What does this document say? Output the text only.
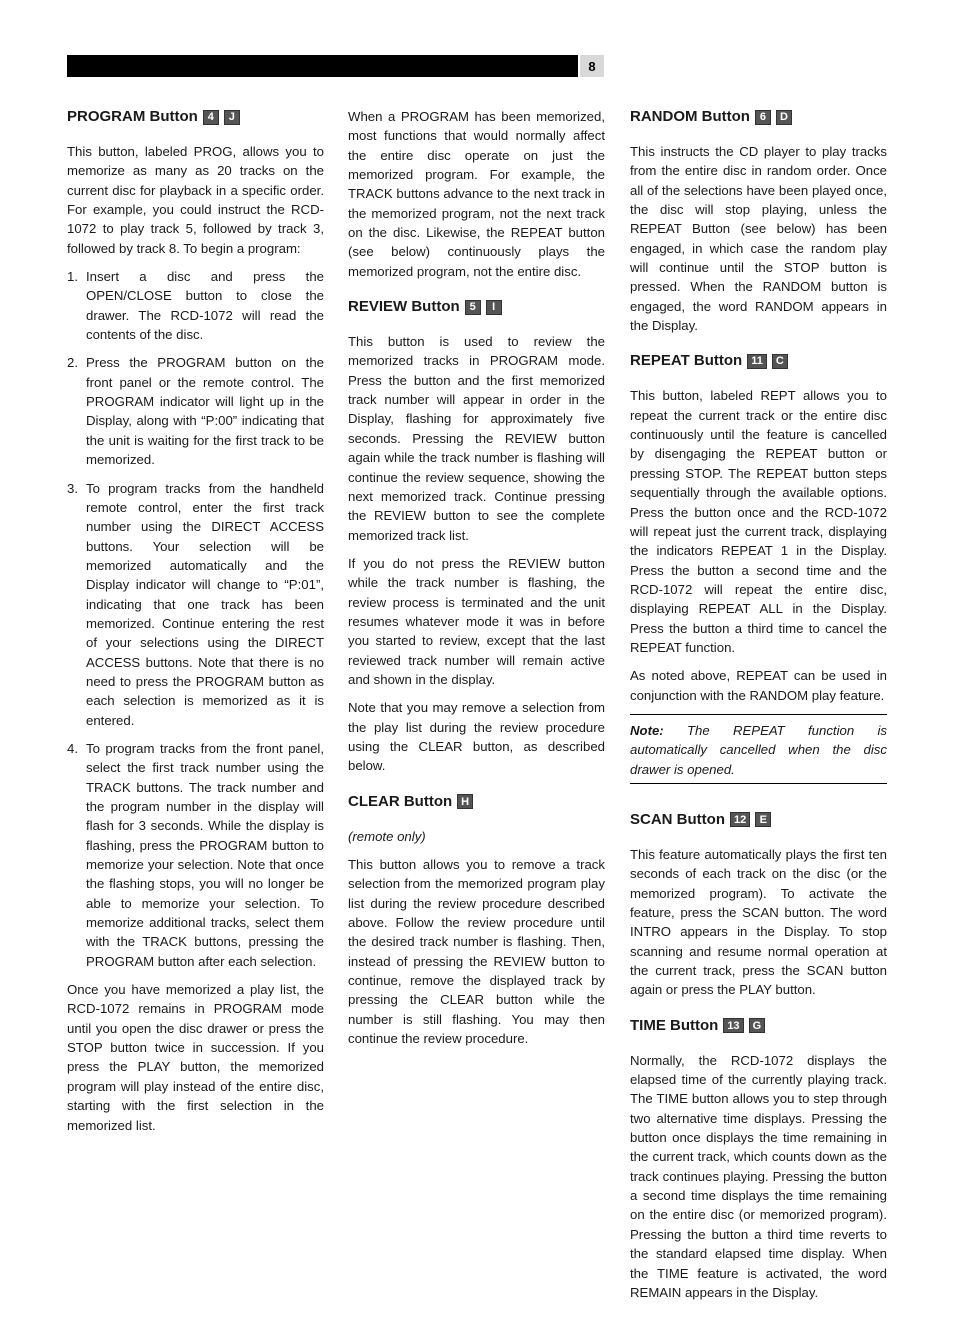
8
PROGRAM Button 4	J

This button, labeled PROG, allows you to memorize as many as 20 tracks on the current disc for playback in a specific order. For example, you could instruct the RCD-1072 to play track 5, followed by track 3, followed by track 8. To begin a program:

1. Insert a disc and press the OPEN/CLOSE button to close the drawer. The RCD-1072 will read the contents of the disc.
2. Press the PROGRAM button on the front panel or the remote control. The PROGRAM indicator will light up in the Display, along with “P:00” indicating that the unit is waiting for the first track to be memorized.
3. To program tracks from the handheld remote control, enter the first track number using the DIRECT ACCESS buttons. Your selection will be memorized automatically and the Display indicator will change to “P:01”, indicating that one track has been memorized. Continue entering the rest of your selections using the DIRECT ACCESS buttons. Note that there is no need to press the PROGRAM button as each selection is memorized as it is entered.
4. To program tracks from the front panel, select the first track number using the TRACK buttons. The track number and the program number in the display will flash for 3 seconds. While the display is flashing, press the PROGRAM button to memorize your selection. Note that once the flashing stops, you will no longer be able to memorize your selection. To memorize additional tracks, select them with the TRACK buttons, pressing the PROGRAM button after each selection.

Once you have memorized a play list, the RCD-1072 remains in PROGRAM mode until you open the disc drawer or press the STOP button twice in succession. If you press the PLAY button, the memorized program will play instead of the entire disc, starting with the first selection in the memorized list.

When a PROGRAM has been memorized, most functions that would normally affect the entire disc operate on just the memorized program. For example, the TRACK buttons advance to the next track in the memorized program, not the next track on the disc. Likewise, the REPEAT button (see below) continuously plays the memorized program, not the entire disc.

REVIEW Button 5	I

This button is used to review the memorized tracks in PROGRAM mode. Press the button and the first memorized track number will appear in order in the Display, flashing for approximately five seconds. Pressing the REVIEW button again while the track number is flashing will continue the review sequence, showing the next memorized track. Continue pressing the REVIEW button to see the complete memorized track list.

If you do not press the REVIEW button while the track number is flashing, the review process is terminated and the unit resumes whatever mode it was in before you started to review, except that the last reviewed track number will remain active and shown in the display.

Note that you may remove a selection from the play list during the review procedure using the CLEAR button, as described below.

CLEAR Button H

(remote only)

This button allows you to remove a track selection from the memorized program play list during the review procedure described above. Follow the review procedure until the desired track number is flashing. Then, instead of pressing the REVIEW button to continue, remove the displayed track by pressing the CLEAR button while the number is still flashing. You may then continue the review procedure.

RANDOM Button 6	D

This instructs the CD player to play tracks from the entire disc in random order. Once all of the selections have been played once, the disc will stop playing, unless the REPEAT Button (see below) has been engaged, in which case the random play will continue until the STOP button is pressed. When the RANDOM button is engaged, the word RANDOM appears in the Display.

REPEAT Button 11	C

This button, labeled REPT allows you to repeat the current track or the entire disc continuously until the feature is cancelled by disengaging the REPEAT button or pressing STOP. The REPEAT button steps sequentially through the available options. Press the button once and the RCD-1072 will repeat just the current track, displaying the indicators REPEAT 1 in the Display. Press the button a second time and the RCD-1072 will repeat the entire disc, displaying REPEAT ALL in the Display. Press the button a third time to cancel the REPEAT function.

As noted above, REPEAT can be used in conjunction with the RANDOM play feature.

Note: The REPEAT function is automatically cancelled when the disc drawer is opened.

SCAN Button 12	E

This feature automatically plays the first ten seconds of each track on the disc (or the memorized program). To activate the feature, press the SCAN button. The word INTRO appears in the Display. To stop scanning and resume normal operation at the current track, press the SCAN button again or press the PLAY button.

TIME Button 13	G

Normally, the RCD-1072 displays the elapsed time of the currently playing track. The TIME button allows you to step through two alternative time displays. Pressing the button once displays the time remaining in the current track, which counts down as the track continues playing. Pressing the button a second time displays the time remaining on the entire disc (or memorized program). Pressing the button a third time reverts to the standard elapsed time display. When the TIME feature is activated, the word REMAIN appears in the Display.
